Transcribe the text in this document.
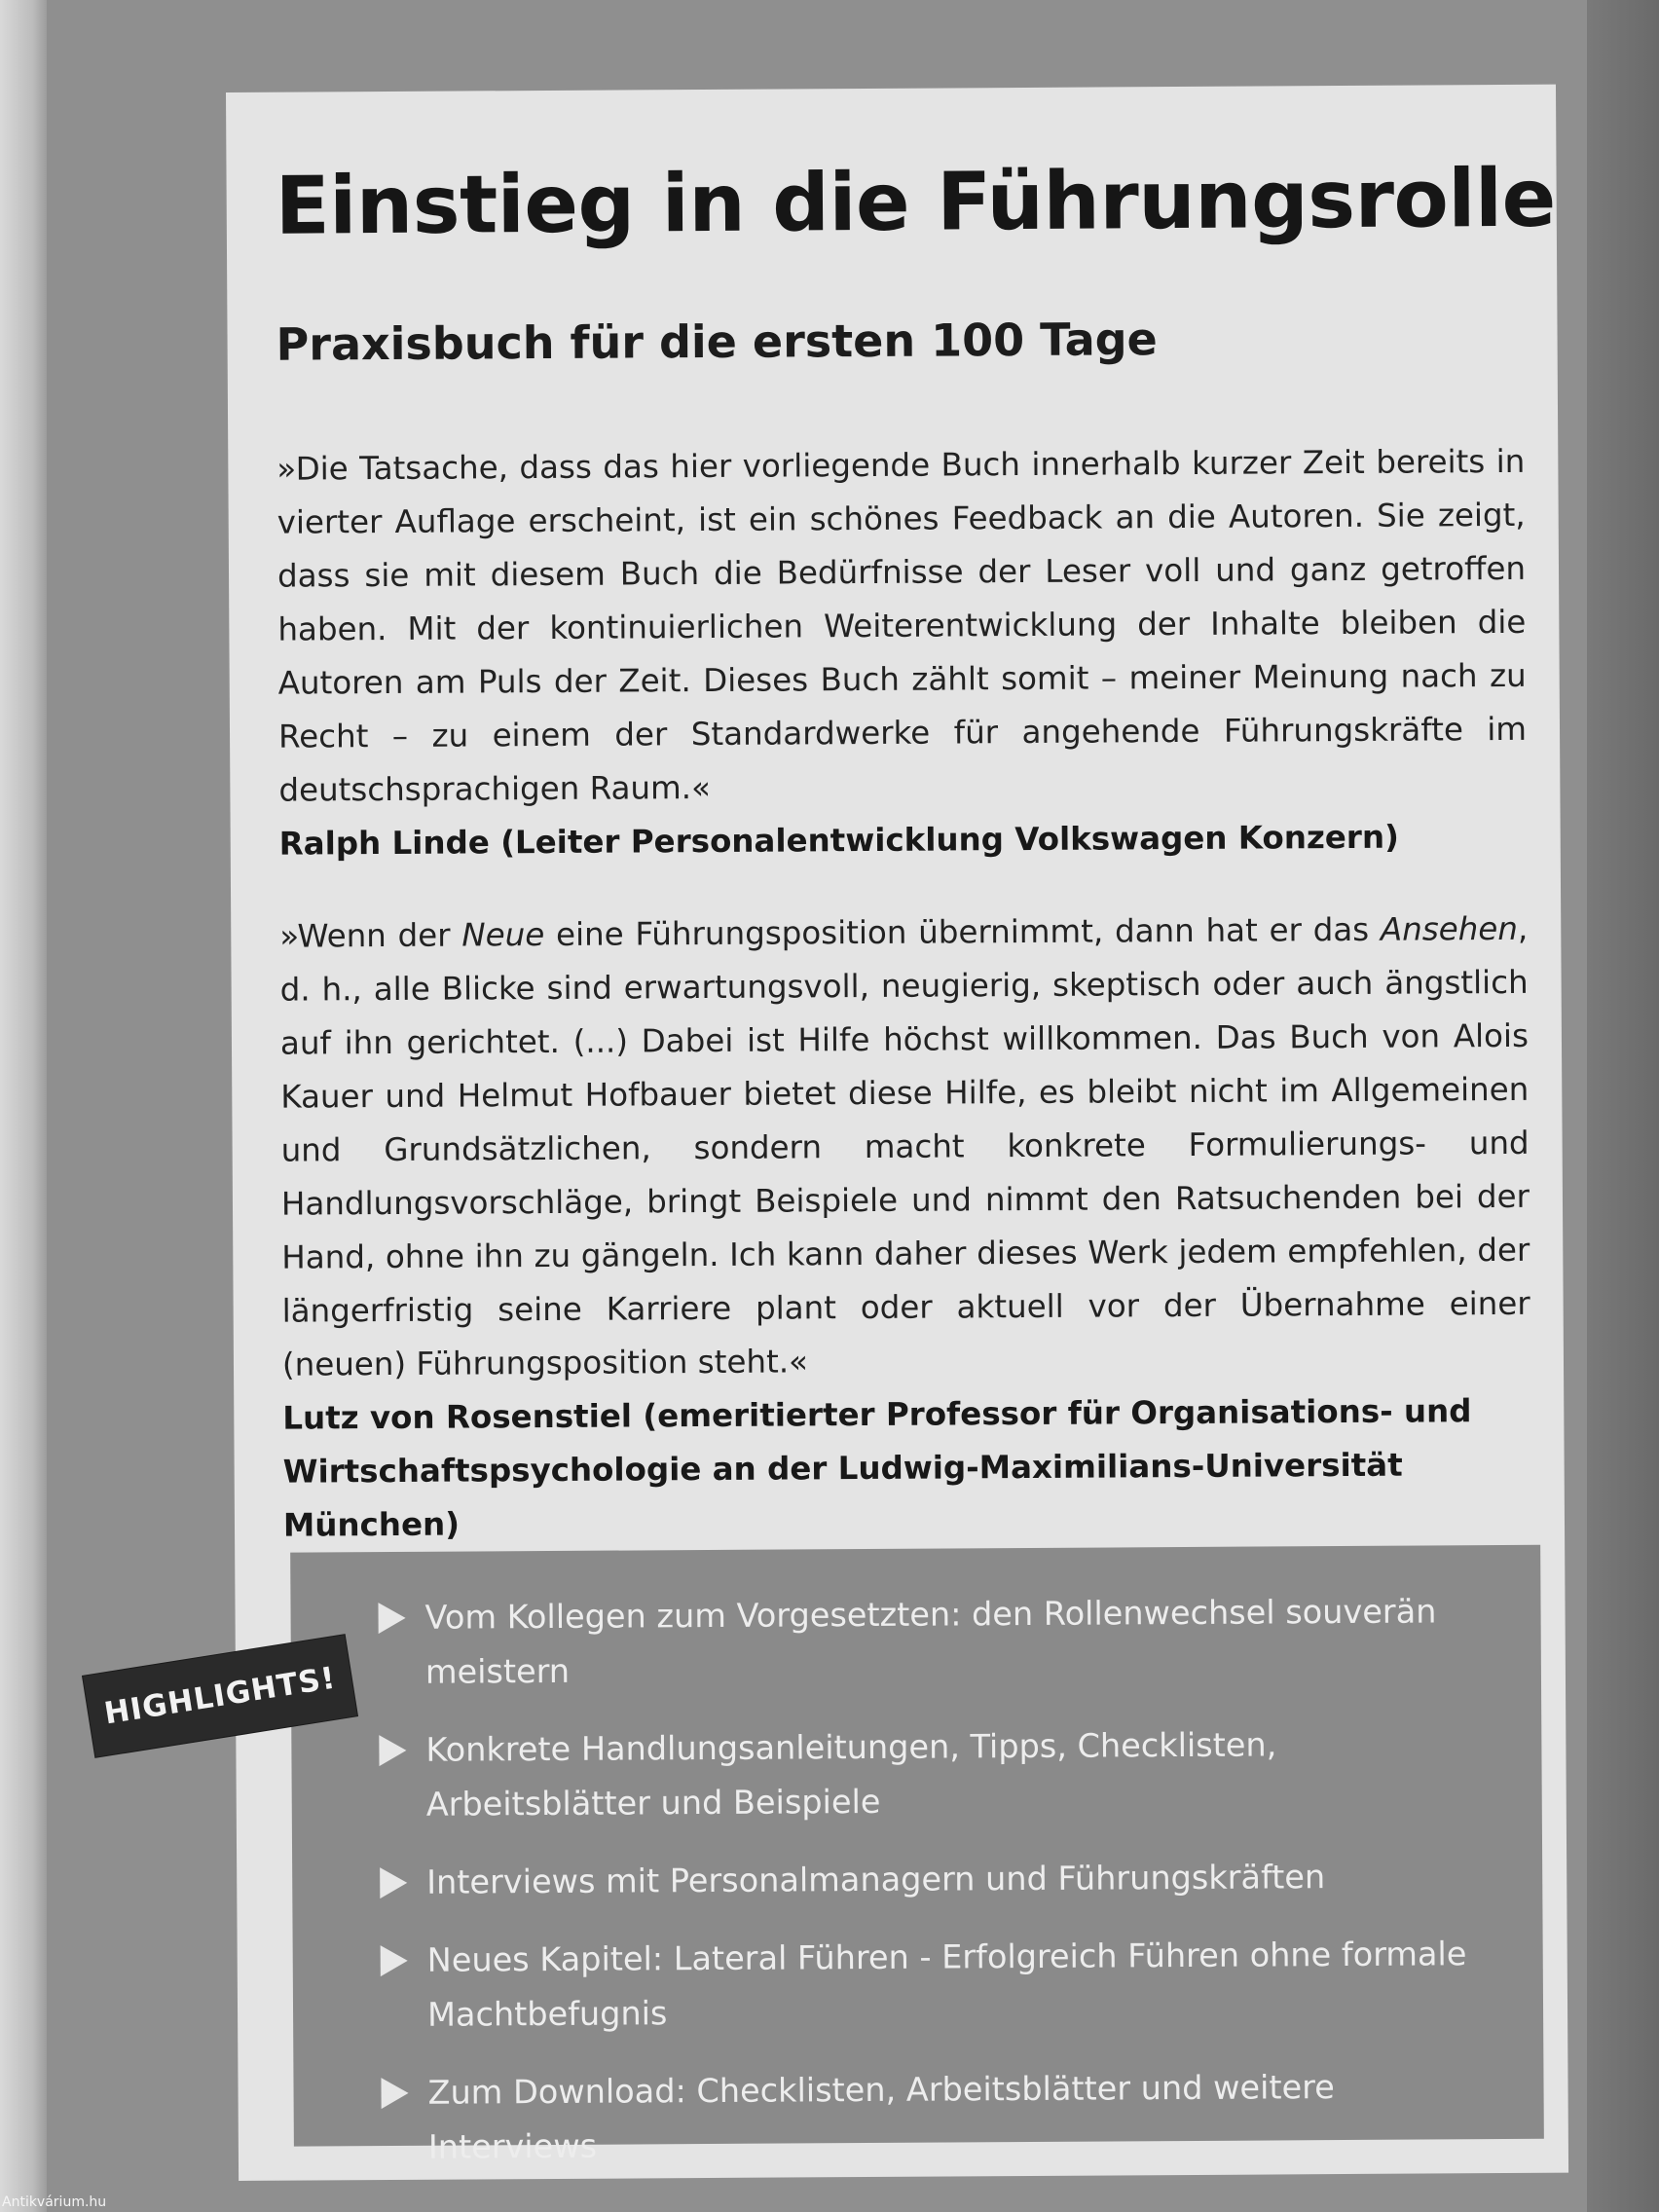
Einstieg in die Führungsrolle
Praxisbuch für die ersten 100 Tage

»Die Tatsache, dass das hier vorliegende Buch innerhalb kurzer Zeit bereits in vierter Auflage erscheint, ist ein schönes Feedback an die Autoren. Sie zeigt, dass sie mit diesem Buch die Bedürfnisse der Leser voll und ganz getroffen haben. Mit der kontinuierlichen Weiterentwicklung der Inhalte bleiben die Autoren am Puls der Zeit. Dieses Buch zählt somit – meiner Meinung nach zu Recht – zu einem der Standardwerke für angehende Führungskräfte im deutschsprachigen Raum.«
Ralph Linde (Leiter Personalentwicklung Volkswagen Konzern)

»Wenn der Neue eine Führungsposition übernimmt, dann hat er das Ansehen, d. h., alle Blicke sind erwartungsvoll, neugierig, skeptisch oder auch ängstlich auf ihn gerichtet. (...) Dabei ist Hilfe höchst willkommen. Das Buch von Alois Kauer und Helmut Hofbauer bietet diese Hilfe, es bleibt nicht im Allgemeinen und Grundsätzlichen, sondern macht konkrete Formulierungs- und Handlungsvorschläge, bringt Beispiele und nimmt den Ratsuchenden bei der Hand, ohne ihn zu gängeln. Ich kann daher dieses Werk jedem empfehlen, der längerfristig seine Karriere plant oder aktuell vor der Übernahme einer (neuen) Führungsposition steht.«
Lutz von Rosenstiel (emeritierter Professor für Organisations- und Wirtschaftspsychologie an der Ludwig-Maximilians-Universität München)

Vom Kollegen zum Vorgesetzten: den Rollenwechsel souverän meistern
Konkrete Handlungsanleitungen, Tipps, Checklisten, Arbeitsblätter und Beispiele
Interviews mit Personalmanagern und Führungskräften
Neues Kapitel: Lateral Führen - Erfolgreich Führen ohne formale Machtbefugnis
Zum Download: Checklisten, Arbeitsblätter und weitere Interviews
HIGHLIGHTS!
Antikvárium.hu
